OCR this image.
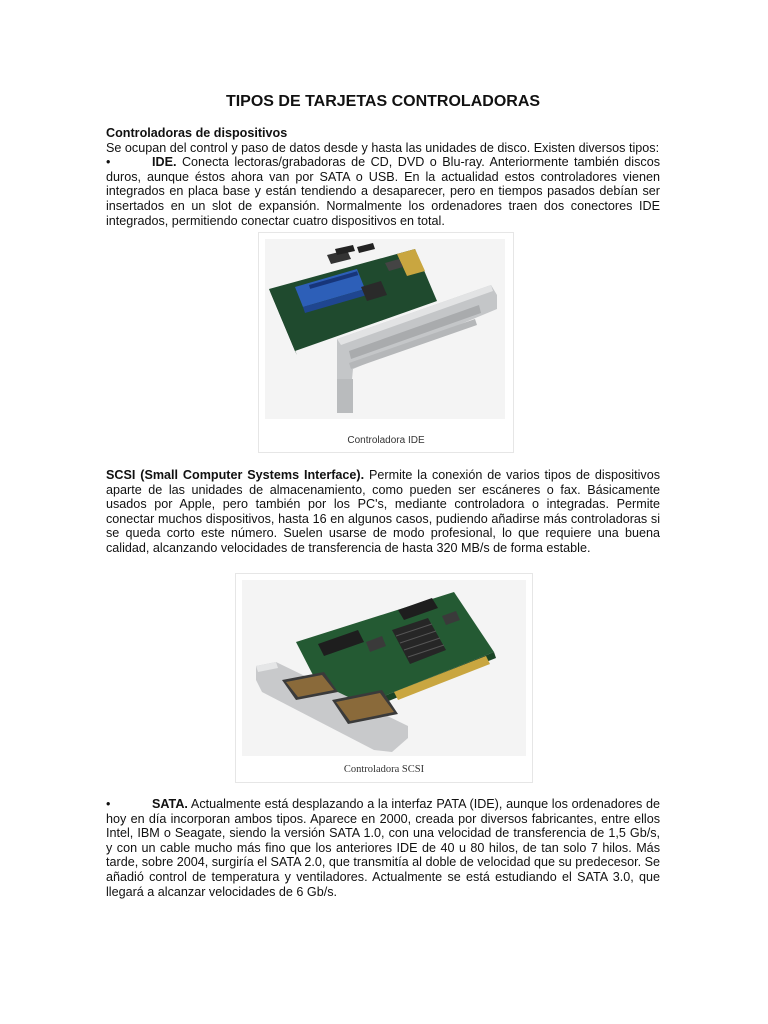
TIPOS DE TARJETAS CONTROLADORAS
Controladoras de dispositivos
Se ocupan del control y paso de datos desde y hasta las unidades de disco. Existen diversos tipos:
•	IDE. Conecta lectoras/grabadoras de CD, DVD o Blu-ray. Anteriormente también discos duros, aunque éstos ahora van por SATA o USB. En la actualidad estos controladores vienen integrados en placa base y están tendiendo a desaparecer, pero en tiempos pasados debían ser insertados en un slot de expansión. Normalmente los ordenadores traen dos conectores IDE integrados, permitiendo conectar cuatro dispositivos en total.
Controladora IDE
SCSI (Small Computer Systems Interface). Permite la conexión de varios tipos de dispositivos aparte de las unidades de almacenamiento, como pueden ser escáneres o fax. Básicamente usados por Apple, pero también por los PC's, mediante controladora o integradas. Permite conectar muchos dispositivos, hasta 16 en algunos casos, pudiendo añadirse más controladoras si se queda corto este número. Suelen usarse de modo profesional, lo que requiere una buena calidad, alcanzando velocidades de transferencia de hasta 320 MB/s de forma estable.
Controladora SCSI
•	SATA. Actualmente está desplazando a la interfaz PATA (IDE), aunque los ordenadores de hoy en día incorporan ambos tipos. Aparece en 2000, creada por diversos fabricantes, entre ellos Intel, IBM o Seagate, siendo la versión SATA 1.0, con una velocidad de transferencia de 1,5 Gb/s, y con un cable mucho más fino que los anteriores IDE de 40 u 80 hilos, de tan solo 7 hilos. Más tarde, sobre 2004, surgiría el SATA 2.0, que transmitía al doble de velocidad que su predecesor. Se añadió control de temperatura y ventiladores. Actualmente se está estudiando el SATA 3.0, que llegará a alcanzar velocidades de 6 Gb/s.
